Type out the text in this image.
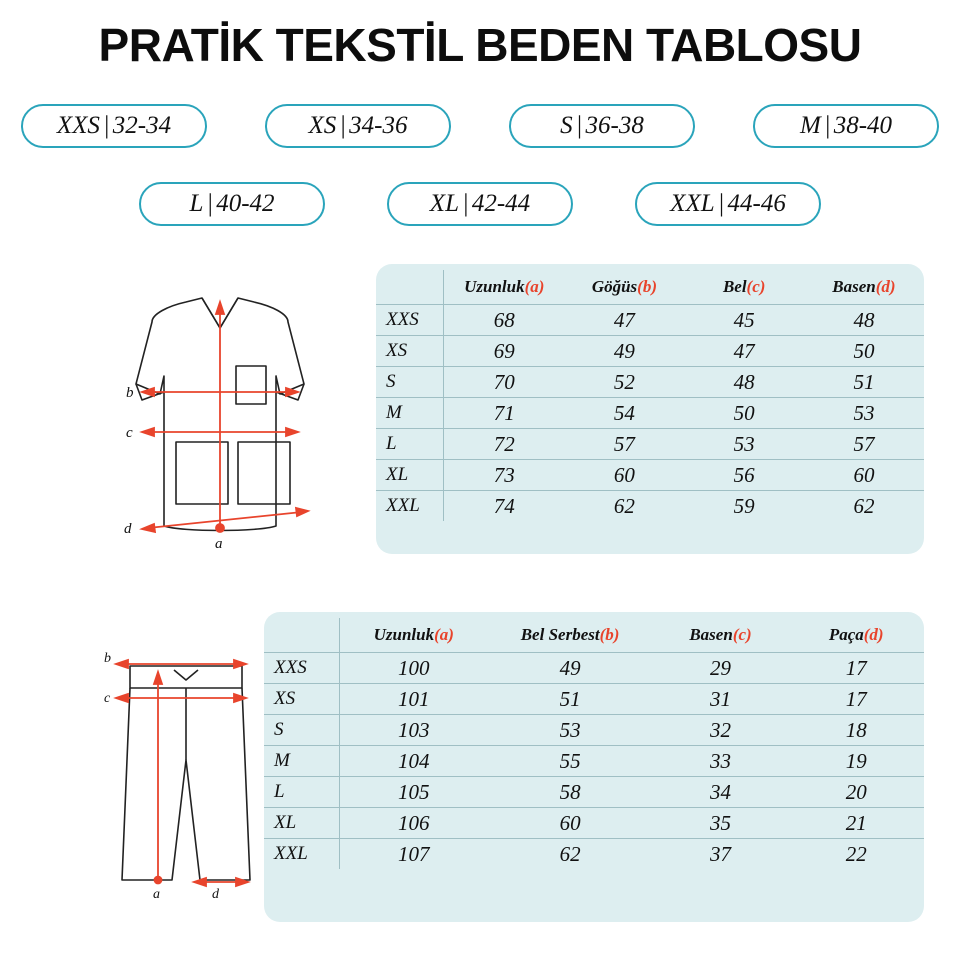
PRATİK TEKSTİL BEDEN TABLOSU
XXS | 32-34	XS | 34-36	S | 36-38	M | 38-40
L | 40-42	XL | 42-44	XXL | 44-46
b
c
d
a
	Uzunluk(a)	Göğüs(b)	Bel(c)	Basen(d)
XXS	68	47	45	48
XS	69	49	47	50
S	70	52	48	51
M	71	54	50	53
L	72	57	53	57
XL	73	60	56	60
XXL	74	62	59	62
b
c
a	d
	Uzunluk(a)	Bel Serbest(b)	Basen(c)	Paça(d)
XXS	100	49	29	17
XS	101	51	31	17
S	103	53	32	18
M	104	55	33	19
L	105	58	34	20
XL	106	60	35	21
XXL	107	62	37	22
